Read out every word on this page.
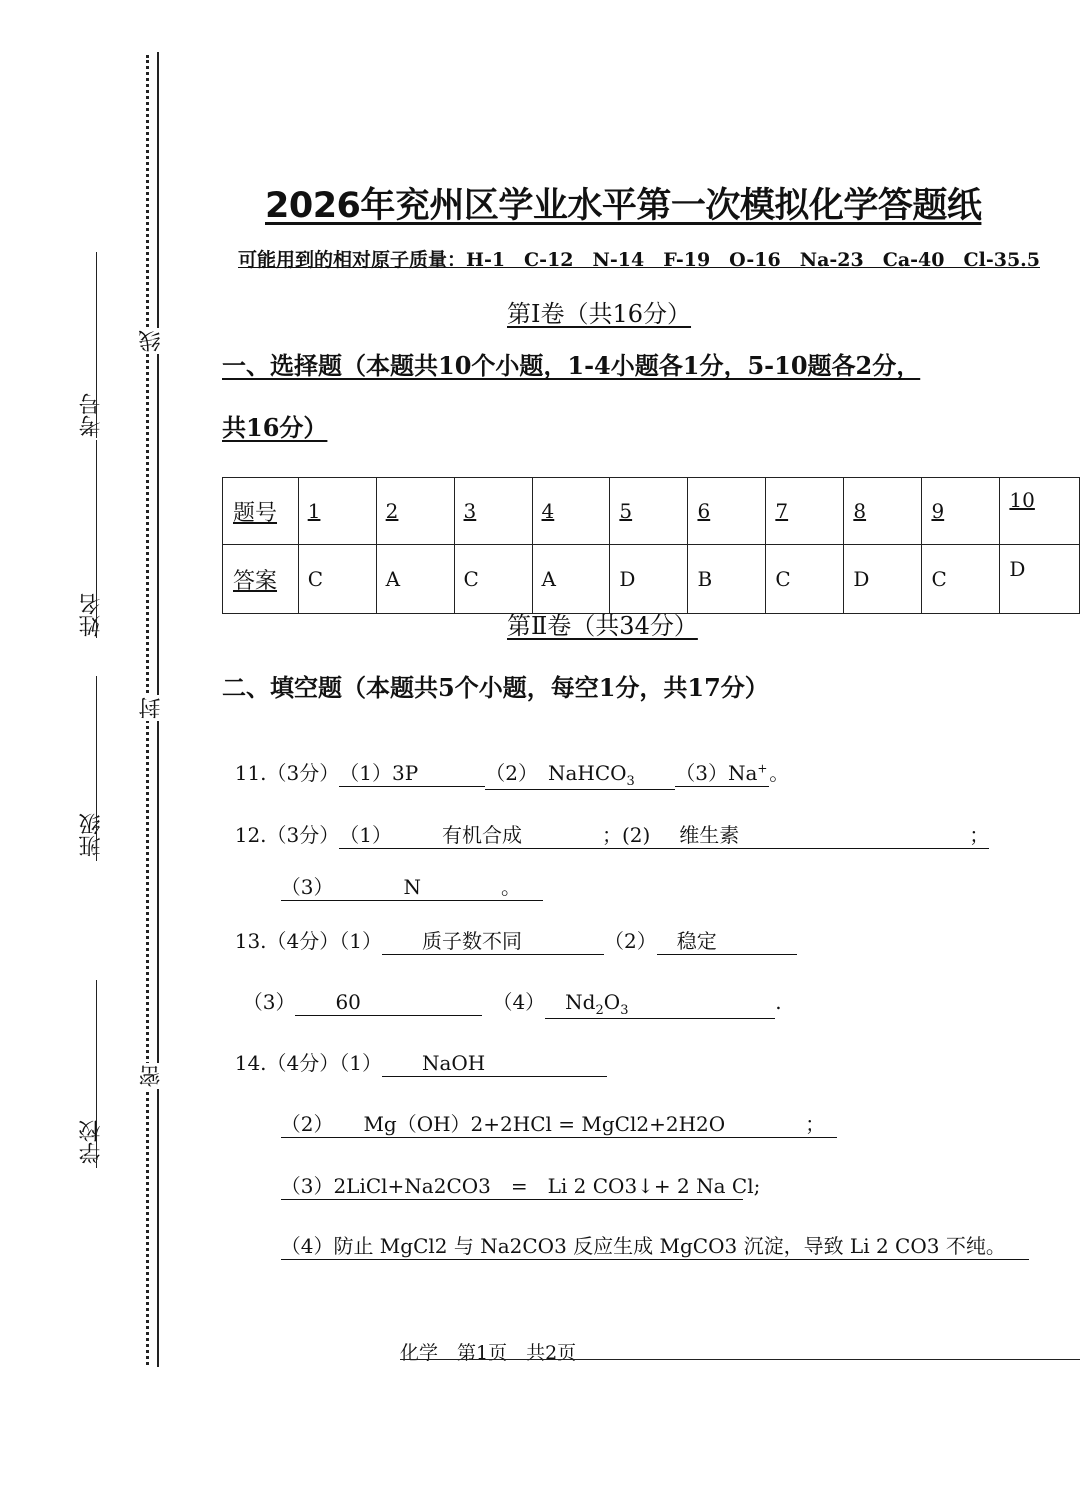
线
封
密
考号
姓名
班级
学校
2026年兖州区学业水平第一次模拟化学答题纸
可能用到的相对原子质量：H-1　C-12　N-14　F-19　O-16　Na-23　Ca-40　Cl-35.5
第Ⅰ卷（共16分）
一、选择题（本题共10个小题，1-4小题各1分，5-10题各2分，
共16分）
题号	1	2	3	4	5	6	7	8	9	10
答案	C	A	C	A	D	B	C	D	C	D
第Ⅱ卷（共34分）
二、填空题（本题共5个小题，每空1分，共17分）

11.（3分）（1）3P	（2）　NaHCO$_3$ （3）Na+。

12.（3分）（1）　　　	有机合成　　　　	；(2)　　　 维生素	；

（3）　　　　	N　　　　	。

13.（4分）（1）　　 质子数不同	（2）　 稳定

（3）　　 60　	（4）　$Nd_2O_3$	.

14.（4分）（1）　　 NaOH

（2）　　Mg（OH）2+2HCl = MgCl2+2H2O　　　　；

（3）2LiCl+Na2CO3　=　Li 2 CO3↓+ 2 Na Cl;

（4）防止 MgCl2 与 Na2CO3 反应生成 MgCO3 沉淀，导致 Li 2 CO3 不纯。

化学　第1页　共2页
